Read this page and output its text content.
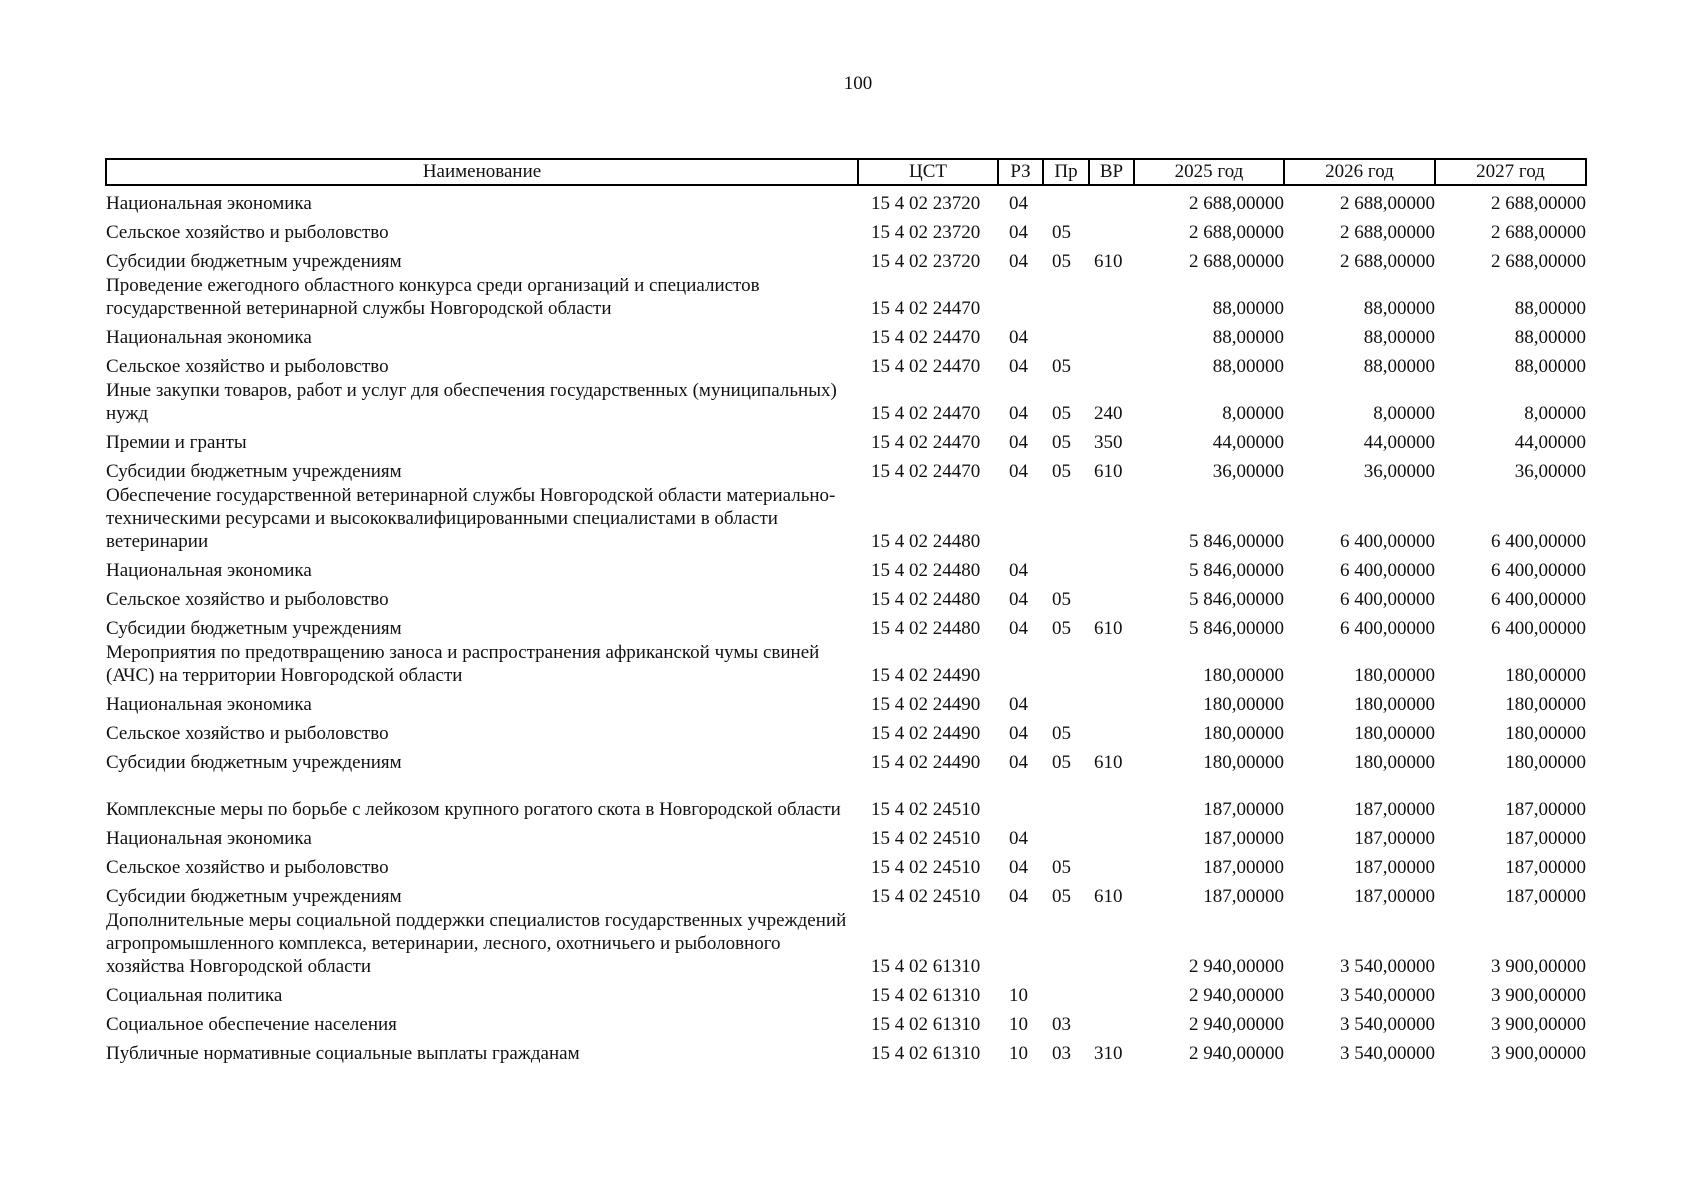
100
Наименование	ЦСТ	РЗ	Пр	ВР	2025 год	2026 год	2027 год
Национальная экономика	15 4 02 23720	04			2 688,00000	2 688,00000	2 688,00000
Сельское хозяйство и рыболовство	15 4 02 23720	04	05		2 688,00000	2 688,00000	2 688,00000
Субсидии бюджетным учреждениям	15 4 02 23720	04	05	610	2 688,00000	2 688,00000	2 688,00000
Проведение ежегодного областного конкурса среди организаций и специалистов государственной ветеринарной службы Новгородской области	15 4 02 24470				88,00000	88,00000	88,00000
Национальная экономика	15 4 02 24470	04			88,00000	88,00000	88,00000
Сельское хозяйство и рыболовство	15 4 02 24470	04	05		88,00000	88,00000	88,00000
Иные закупки товаров, работ и услуг для обеспечения государственных (муниципальных) нужд	15 4 02 24470	04	05	240	8,00000	8,00000	8,00000
Премии и гранты	15 4 02 24470	04	05	350	44,00000	44,00000	44,00000
Субсидии бюджетным учреждениям	15 4 02 24470	04	05	610	36,00000	36,00000	36,00000
Обеспечение государственной ветеринарной службы Новгородской области материально-техническими ресурсами и высококвалифицированными специалистами в области ветеринарии	15 4 02 24480				5 846,00000	6 400,00000	6 400,00000
Национальная экономика	15 4 02 24480	04			5 846,00000	6 400,00000	6 400,00000
Сельское хозяйство и рыболовство	15 4 02 24480	04	05		5 846,00000	6 400,00000	6 400,00000
Субсидии бюджетным учреждениям	15 4 02 24480	04	05	610	5 846,00000	6 400,00000	6 400,00000
Мероприятия по предотвращению заноса и распространения африканской чумы свиней (АЧС) на территории Новгородской области	15 4 02 24490				180,00000	180,00000	180,00000
Национальная экономика	15 4 02 24490	04			180,00000	180,00000	180,00000
Сельское хозяйство и рыболовство	15 4 02 24490	04	05		180,00000	180,00000	180,00000
Субсидии бюджетным учреждениям	15 4 02 24490	04	05	610	180,00000	180,00000	180,00000
Комплексные меры по борьбе с лейкозом крупного рогатого скота в Новгородской области	15 4 02 24510				187,00000	187,00000	187,00000
Национальная экономика	15 4 02 24510	04			187,00000	187,00000	187,00000
Сельское хозяйство и рыболовство	15 4 02 24510	04	05		187,00000	187,00000	187,00000
Субсидии бюджетным учреждениям	15 4 02 24510	04	05	610	187,00000	187,00000	187,00000
Дополнительные меры социальной поддержки специалистов государственных учреждений агропромышленного комплекса, ветеринарии, лесного, охотничьего и рыболовного хозяйства Новгородской области	15 4 02 61310				2 940,00000	3 540,00000	3 900,00000
Социальная политика	15 4 02 61310	10			2 940,00000	3 540,00000	3 900,00000
Социальное обеспечение населения	15 4 02 61310	10	03		2 940,00000	3 540,00000	3 900,00000
Публичные нормативные социальные выплаты гражданам	15 4 02 61310	10	03	310	2 940,00000	3 540,00000	3 900,00000
